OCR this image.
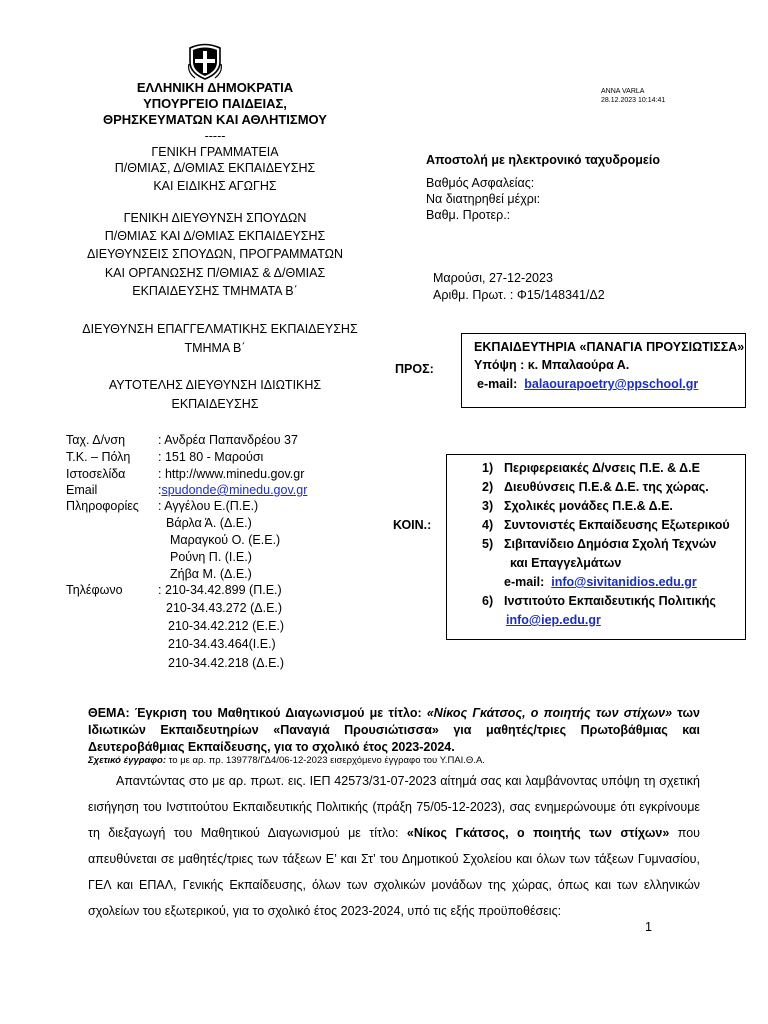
ΕΛΛΗΝΙΚΗ ΔΗΜΟΚΡΑΤΙΑ
ΥΠΟΥΡΓΕΙΟ ΠΑΙΔΕΙΑΣ,
ΘΡΗΣΚΕΥΜΑΤΩΝ ΚΑΙ ΑΘΛΗΤΙΣΜΟΥ
-----
ΓΕΝΙΚΗ ΓΡΑΜΜΑΤΕΙΑ
Π/ΘΜΙΑΣ, Δ/ΘΜΙΑΣ ΕΚΠΑΙΔΕΥΣΗΣ
ΚΑΙ ΕΙΔΙΚΗΣ ΑΓΩΓΗΣ
ΓΕΝΙΚΗ ΔΙΕΥΘΥΝΣΗ ΣΠΟΥΔΩΝ
Π/ΘΜΙΑΣ ΚΑΙ Δ/ΘΜΙΑΣ ΕΚΠΑΙΔΕΥΣΗΣ
ΔΙΕΥΘΥΝΣΕΙΣ ΣΠΟΥΔΩΝ, ΠΡΟΓΡΑΜΜΑΤΩΝ
ΚΑΙ ΟΡΓΑΝΩΣΗΣ Π/ΘΜΙΑΣ & Δ/ΘΜΙΑΣ
ΕΚΠΑΙΔΕΥΣΗΣ ΤΜΗΜΑΤΑ Β΄
ΔΙΕΥΘΥΝΣΗ ΕΠΑΓΓΕΛΜΑΤΙΚΗΣ ΕΚΠΑΙΔΕΥΣΗΣ
ΤΜΗΜΑ Β΄
ΑΥΤΟΤΕΛΗΣ ΔΙΕΥΘΥΝΣΗ ΙΔΙΩΤΙΚΗΣ
ΕΚΠΑΙΔΕΥΣΗΣ
ANNA VARLA
28.12.2023 10:14:41
Αποστολή με ηλεκτρονικό ταχυδρομείο
Βαθμός Ασφαλείας:
Να διατηρηθεί μέχρι:
Βαθμ. Προτερ.:
Μαρούσι, 27-12-2023
Αριθμ. Πρωτ. : Φ15/148341/Δ2
Ταχ. Δ/νση	: Ανδρέα Παπανδρέου 37
Τ.Κ. – Πόλη : 151 80 - Μαρούσι
Ιστοσελίδα	: http://www.minedu.gov.gr
Email	:spudonde@minedu.gov.gr
Πληροφορίες : Αγγέλου Ε.(Π.Ε.)
Βάρλα Ά. (Δ.Ε.)
Μαραγκού Ο. (Ε.Ε.)
Ρούνη Π. (Ι.Ε.)
Ζήβα Μ. (Δ.Ε.)
Τηλέφωνο	: 210-34.42.899 (Π.Ε.)
210-34.43.272 (Δ.Ε.)
210-34.42.212 (Ε.Ε.)
210-34.43.464(Ι.Ε.)
210-34.42.218 (Δ.Ε.)
ΠΡΟΣ:
ΕΚΠΑΙΔΕΥΤΗΡΙΑ «ΠΑΝΑΓΙΑ ΠΡΟΥΣΙΩΤΙΣΣΑ»
Υπόψη : κ. Μπαλαούρα Α.
e-mail: balaourapoetry@ppschool.gr
ΚΟΙΝ.:
1) Περιφερειακές Δ/νσεις Π.Ε. & Δ.Ε
2) Διευθύνσεις Π.Ε.& Δ.Ε. της χώρας.
3) Σχολικές μονάδες Π.Ε.& Δ.Ε.
4) Συντονιστές Εκπαίδευσης Εξωτερικού
5) Σιβιτανίδειο Δημόσια Σχολή Τεχνών
και Επαγγελμάτων
e-mail: info@sivitanidios.edu.gr
6) Ινστιτούτο Εκπαιδευτικής Πολιτικής
info@iep.edu.gr
ΘΕΜΑ: Έγκριση του Μαθητικού Διαγωνισμού με τίτλο: «Νίκος Γκάτσος, ο ποιητής των στίχων» των Ιδιωτικών Εκπαιδευτηρίων «Παναγιά Προυσιώτισσα» για μαθητές/τριες Πρωτοβάθμιας και Δευτεροβάθμιας Εκπαίδευσης, για το σχολικό έτος 2023-2024.
Σχετικό έγγραφο: το με αρ. πρ. 139778/ΓΔ4/06-12-2023 εισερχόμενο έγγραφο του Υ.ΠΑΙ.Θ.Α.
Απαντώντας στο με αρ. πρωτ. εις. ΙΕΠ 42573/31-07-2023 αίτημά σας και λαμβάνοντας υπόψη τη σχετική εισήγηση του Ινστιτούτου Εκπαιδευτικής Πολιτικής (πράξη 75/05-12-2023), σας ενημερώνουμε ότι εγκρίνουμε τη διεξαγωγή του Μαθητικού Διαγωνισμού με τίτλο: «Νίκος Γκάτσος, ο ποιητής των στίχων» που απευθύνεται σε μαθητές/τριες των τάξεων Ε’ και Στ’ του Δημοτικού Σχολείου και όλων των τάξεων Γυμνασίου, ΓΕΛ και ΕΠΑΛ, Γενικής Εκπαίδευσης, όλων των σχολικών μονάδων της χώρας, όπως και των ελληνικών σχολείων του εξωτερικού, για το σχολικό έτος 2023-2024, υπό τις εξής προϋποθέσεις:
1
